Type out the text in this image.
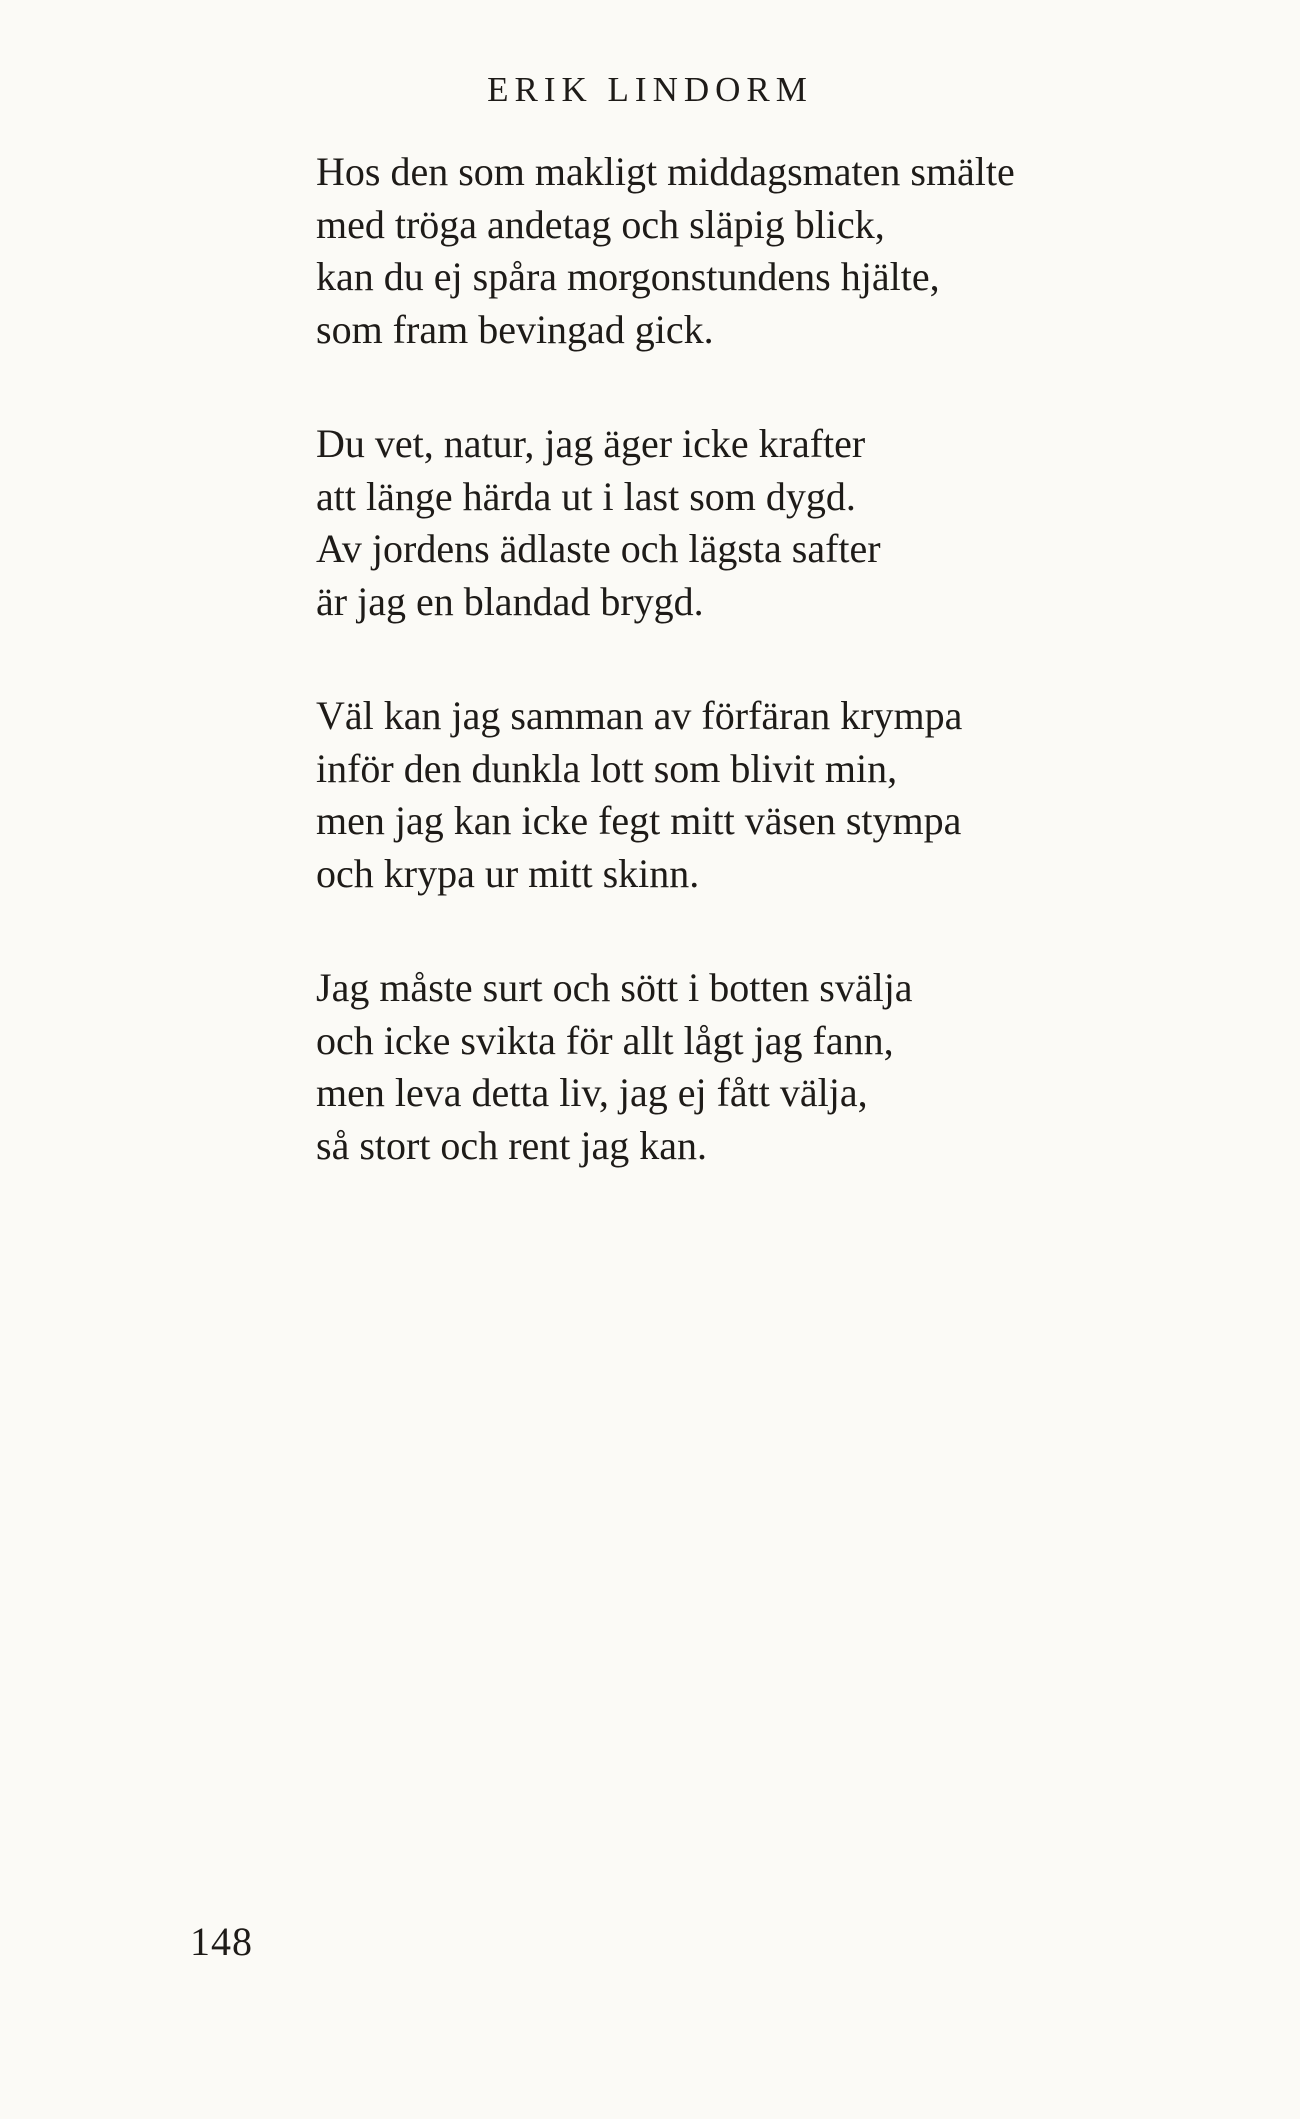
ERIK LINDORM
Hos den som makligt middagsmaten smälte
med tröga andetag och släpig blick,
kan du ej spåra morgonstundens hjälte,
som fram bevingad gick.
Du vet, natur, jag äger icke krafter
att länge härda ut i last som dygd.
Av jordens ädlaste och lägsta safter
är jag en blandad brygd.
Väl kan jag samman av förfäran krympa
inför den dunkla lott som blivit min,
men jag kan icke fegt mitt väsen stympa
och krypa ur mitt skinn.
Jag måste surt och sött i botten svälja
och icke svikta för allt lågt jag fann,
men leva detta liv, jag ej fått välja,
så stort och rent jag kan.
148
